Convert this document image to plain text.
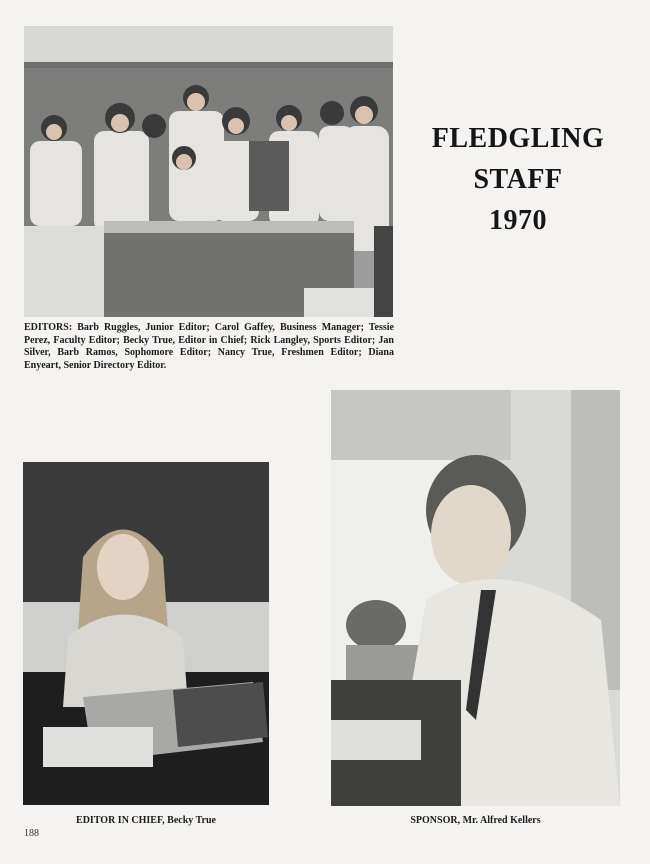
FLEDGLING
STAFF
1970
EDITORS: Barb Ruggles, Junior Editor; Carol Gaffey, Business Manager; Tessie Perez, Faculty Editor; Becky True, Editor in Chief; Rick Langley, Sports Editor; Jan Silver, Barb Ramos, Sophomore Editor; Nancy True, Freshmen Editor; Diana Enyeart, Senior Directory Editor.
EDITOR IN CHIEF, Becky True	SPONSOR, Mr. Alfred Kellers
188
